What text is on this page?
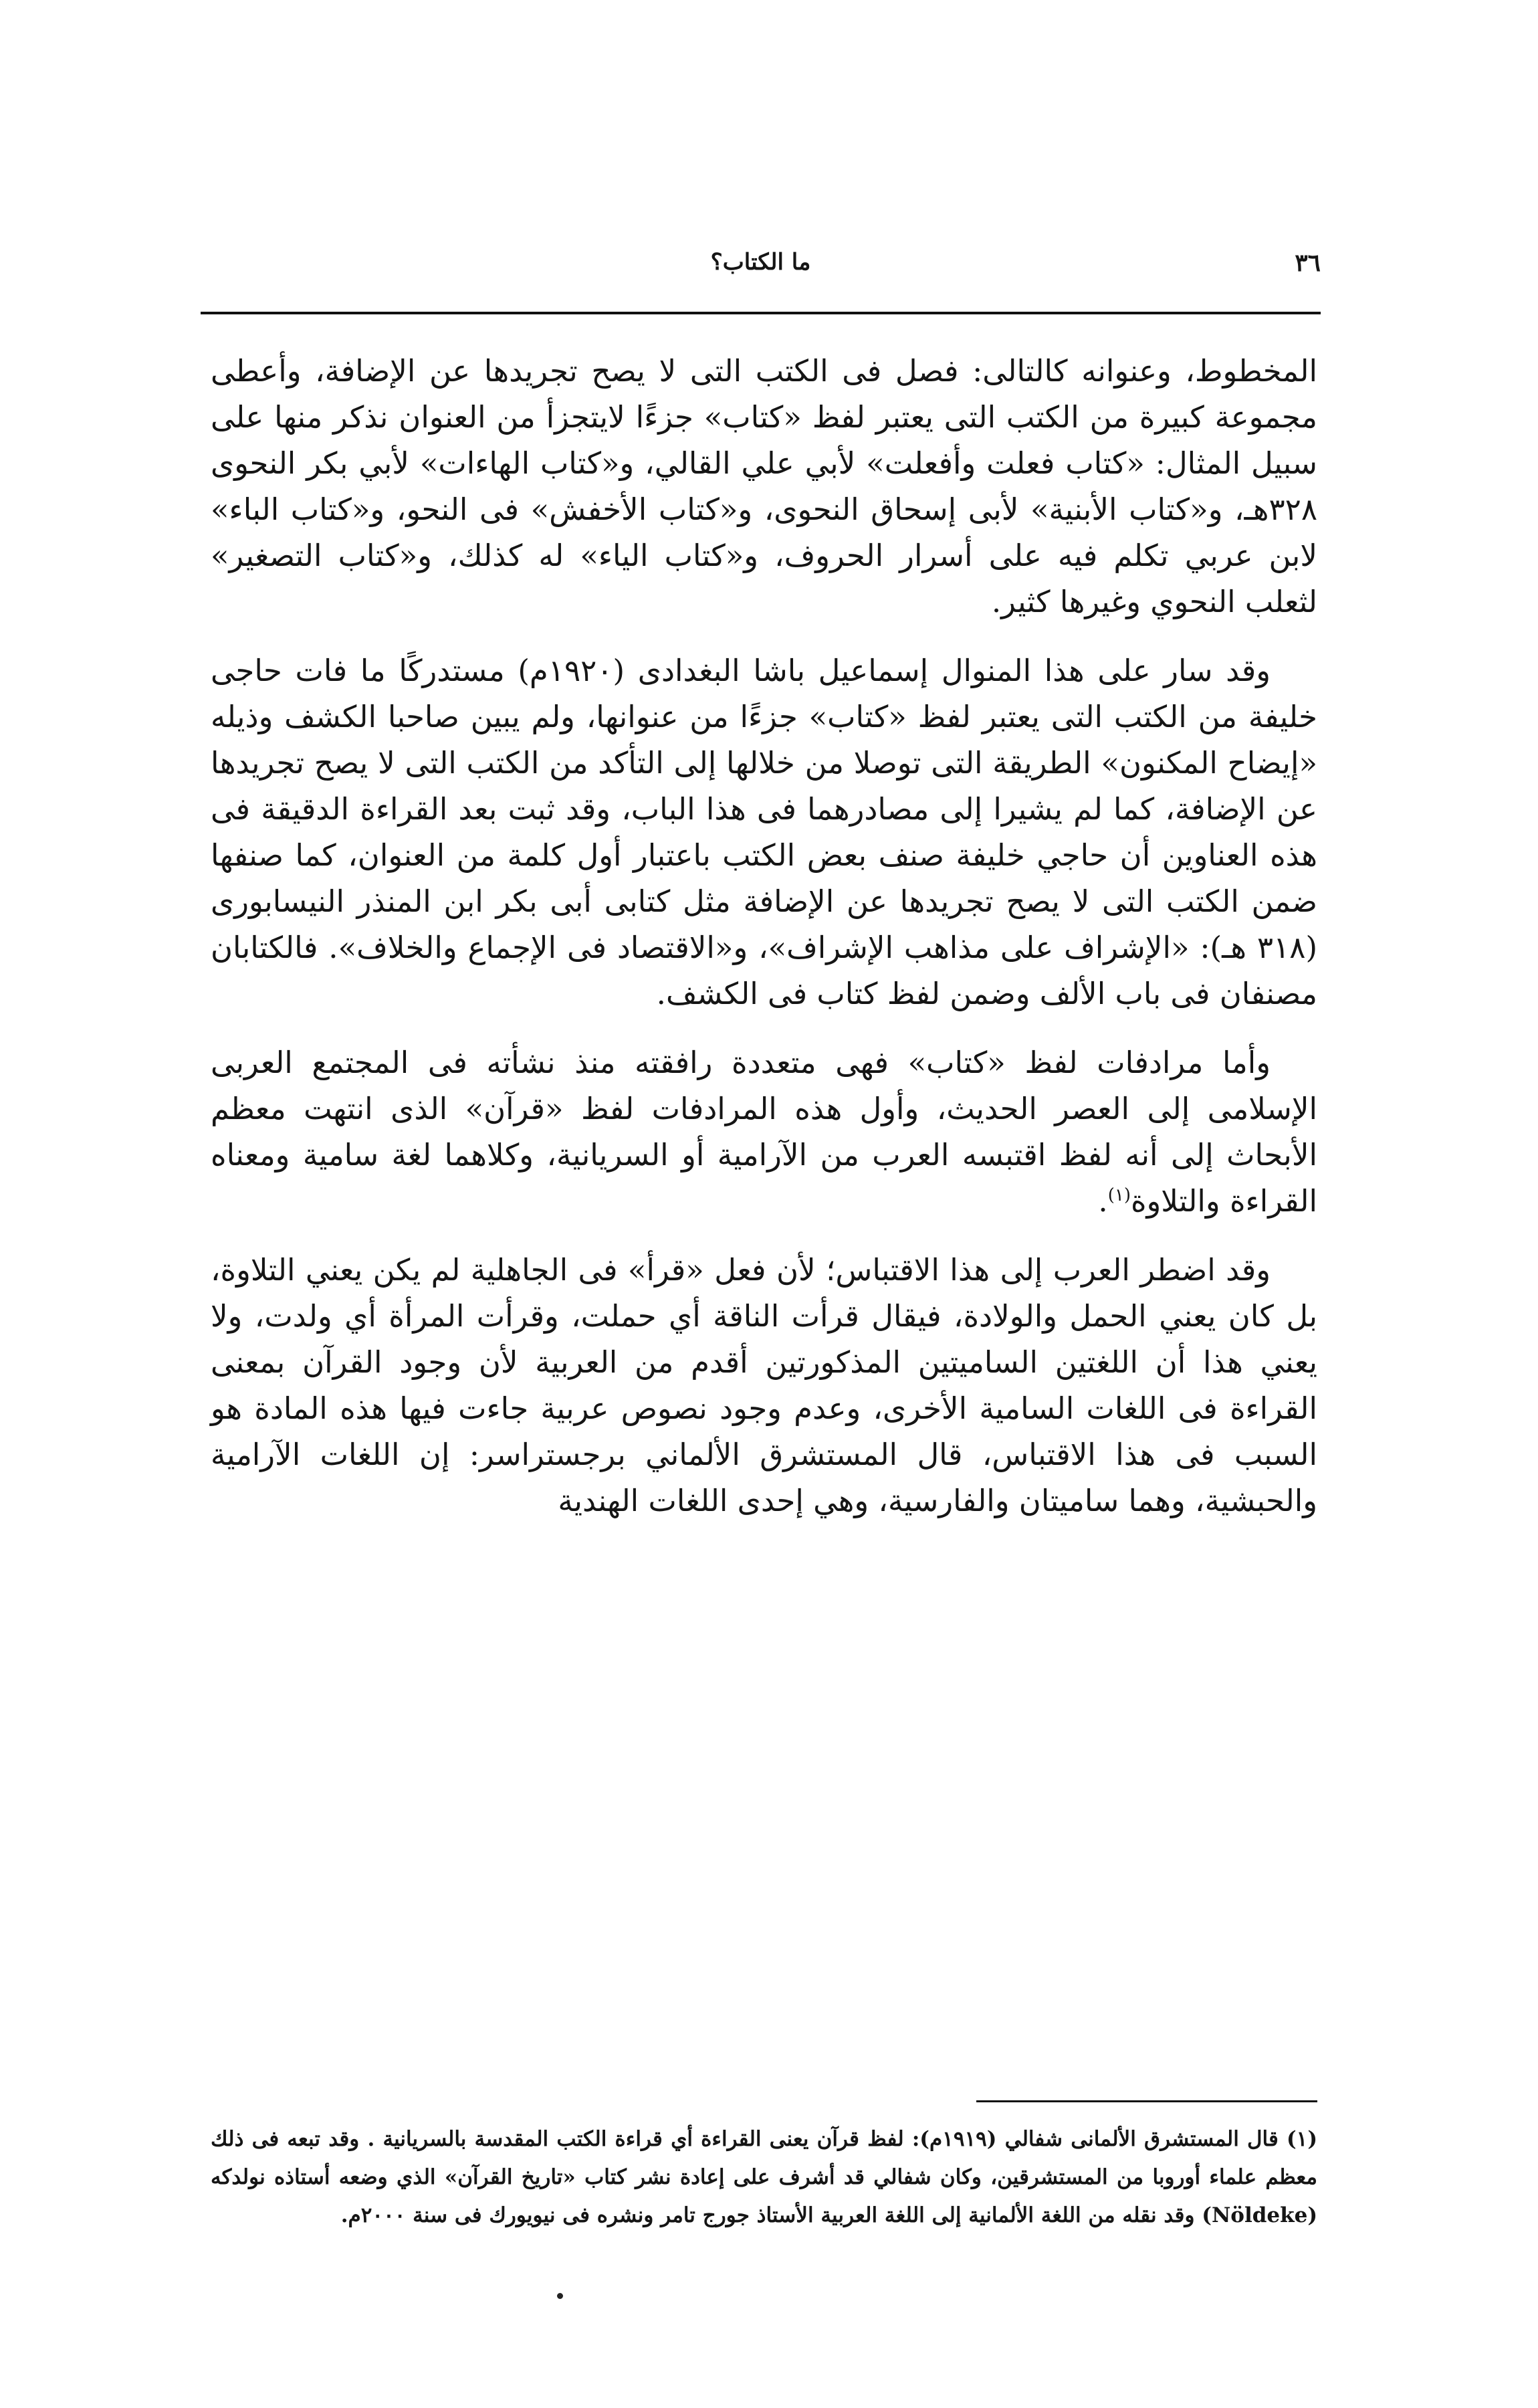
٣٦
ما الكتاب؟

المخطوط، وعنوانه كالتالى: فصل فى الكتب التى لا يصح تجريدها عن الإضافة، وأعطى مجموعة كبيرة من الكتب التى يعتبر لفظ «كتاب» جزءًا لايتجزأ من العنوان نذكر منها على سبيل المثال: «كتاب فعلت وأفعلت» لأبي علي القالي، و«كتاب الهاءات» لأبي بكر النحوى ٣٢٨هـ، و«كتاب الأبنية» لأبى إسحاق النحوى، و«كتاب الأخفش» فى النحو، و«كتاب الباء» لابن عربي تكلم فيه على أسرار الحروف، و«كتاب الياء» له كذلك، و«كتاب التصغير» لثعلب النحوي وغيرها كثير.

وقد سار على هذا المنوال إسماعيل باشا البغدادى (١٩٢٠م) مستدركًا ما فات حاجى خليفة من الكتب التى يعتبر لفظ «كتاب» جزءًا من عنوانها، ولم يبين صاحبا الكشف وذيله «إيضاح المكنون» الطريقة التى توصلا من خلالها إلى التأكد من الكتب التى لا يصح تجريدها عن الإضافة، كما لم يشيرا إلى مصادرهما فى هذا الباب، وقد ثبت بعد القراءة الدقيقة فى هذه العناوين أن حاجي خليفة صنف بعض الكتب باعتبار أول كلمة من العنوان، كما صنفها ضمن الكتب التى لا يصح تجريدها عن الإضافة مثل كتابى أبى بكر ابن المنذر النيسابورى (٣١٨ هـ): «الإشراف على مذاهب الإشراف»، و«الاقتصاد فى الإجماع والخلاف». فالكتابان مصنفان فى باب الألف وضمن لفظ كتاب فى الكشف.

وأما مرادفات لفظ «كتاب» فهى متعددة رافقته منذ نشأته فى المجتمع العربى الإسلامى إلى العصر الحديث، وأول هذه المرادفات لفظ «قرآن» الذى انتهت معظم الأبحاث إلى أنه لفظ اقتبسه العرب من الآرامية أو السريانية، وكلاهما لغة سامية ومعناه القراءة والتلاوة$^{(١)}$.

وقد اضطر العرب إلى هذا الاقتباس؛ لأن فعل «قرأ» فى الجاهلية لم يكن يعني التلاوة، بل كان يعني الحمل والولادة، فيقال قرأت الناقة أي حملت، وقرأت المرأة أي ولدت، ولا يعني هذا أن اللغتين الساميتين المذكورتين أقدم من العربية لأن وجود القرآن بمعنى القراءة فى اللغات السامية الأخرى، وعدم وجود نصوص عربية جاءت فيها هذه المادة هو السبب فى هذا الاقتباس، قال المستشرق الألماني برجستراسر: إن اللغات الآرامية والحبشية، وهما ساميتان والفارسية، وهي إحدى اللغات الهندية

(١) قال المستشرق الألمانى شفالي (١٩١٩م): لفظ قرآن يعنى القراءة أي قراءة الكتب المقدسة بالسريانية . وقد تبعه فى ذلك معظم علماء أوروبا من المستشرقين، وكان شفالي قد أشرف على إعادة نشر كتاب «تاريخ القرآن» الذي وضعه أستاذه نولدكه (Nöldeke) وقد نقله من اللغة الألمانية إلى اللغة العربية الأستاذ جورج تامر ونشره فى نيويورك فى سنة ٢٠٠٠م.
